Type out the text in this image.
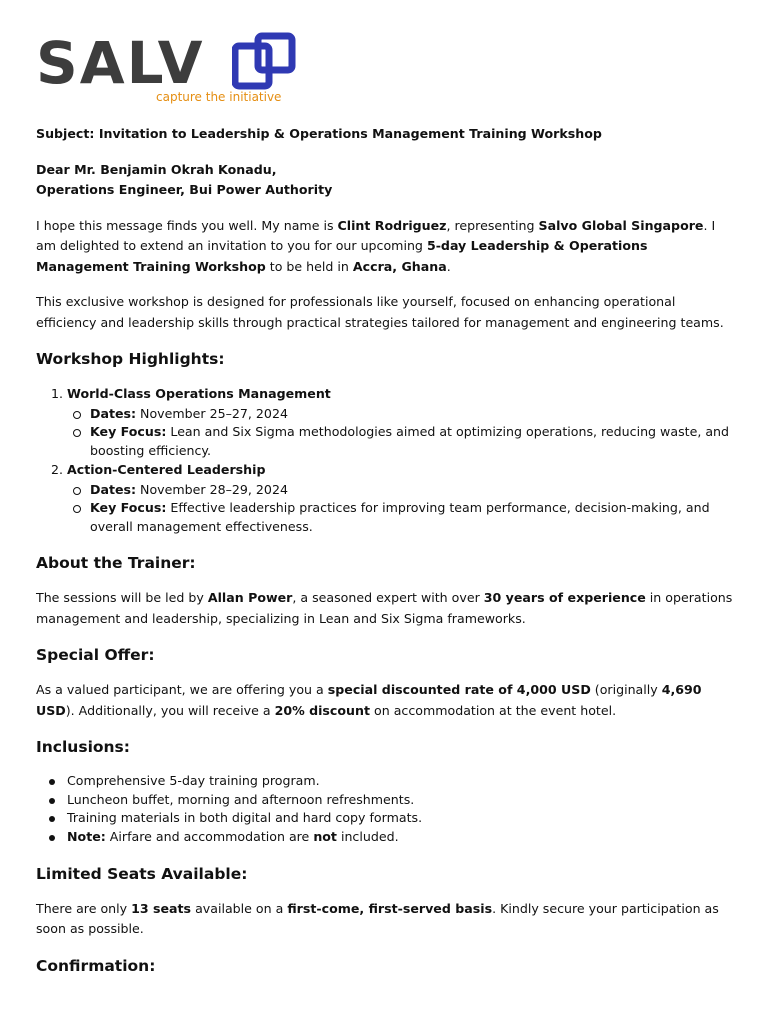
SALV
capture the initiative

Subject: Invitation to Leadership & Operations Management Training Workshop

Dear Mr. Benjamin Okrah Konadu,
Operations Engineer, Bui Power Authority

I hope this message finds you well. My name is Clint Rodriguez, representing Salvo Global Singapore. I am delighted to extend an invitation to you for our upcoming 5-day Leadership & Operations Management Training Workshop to be held in Accra, Ghana.

This exclusive workshop is designed for professionals like yourself, focused on enhancing operational efficiency and leadership skills through practical strategies tailored for management and engineering teams.

Workshop Highlights:
1. World-Class Operations Management
Dates: November 25–27, 2024
Key Focus: Lean and Six Sigma methodologies aimed at optimizing operations, reducing waste, and boosting efficiency.
2. Action-Centered Leadership
Dates: November 28–29, 2024
Key Focus: Effective leadership practices for improving team performance, decision-making, and overall management effectiveness.
About the Trainer:

The sessions will be led by Allan Power, a seasoned expert with over 30 years of experience in operations management and leadership, specializing in Lean and Six Sigma frameworks.

Special Offer:

As a valued participant, we are offering you a special discounted rate of 4,000 USD (originally 4,690 USD). Additionally, you will receive a 20% discount on accommodation at the event hotel.

Inclusions:
Comprehensive 5-day training program.
Luncheon buffet, morning and afternoon refreshments.
Training materials in both digital and hard copy formats.
Note: Airfare and accommodation are not included.
Limited Seats Available:

There are only 13 seats available on a first-come, first-served basis. Kindly secure your participation as soon as possible.

Confirmation:
